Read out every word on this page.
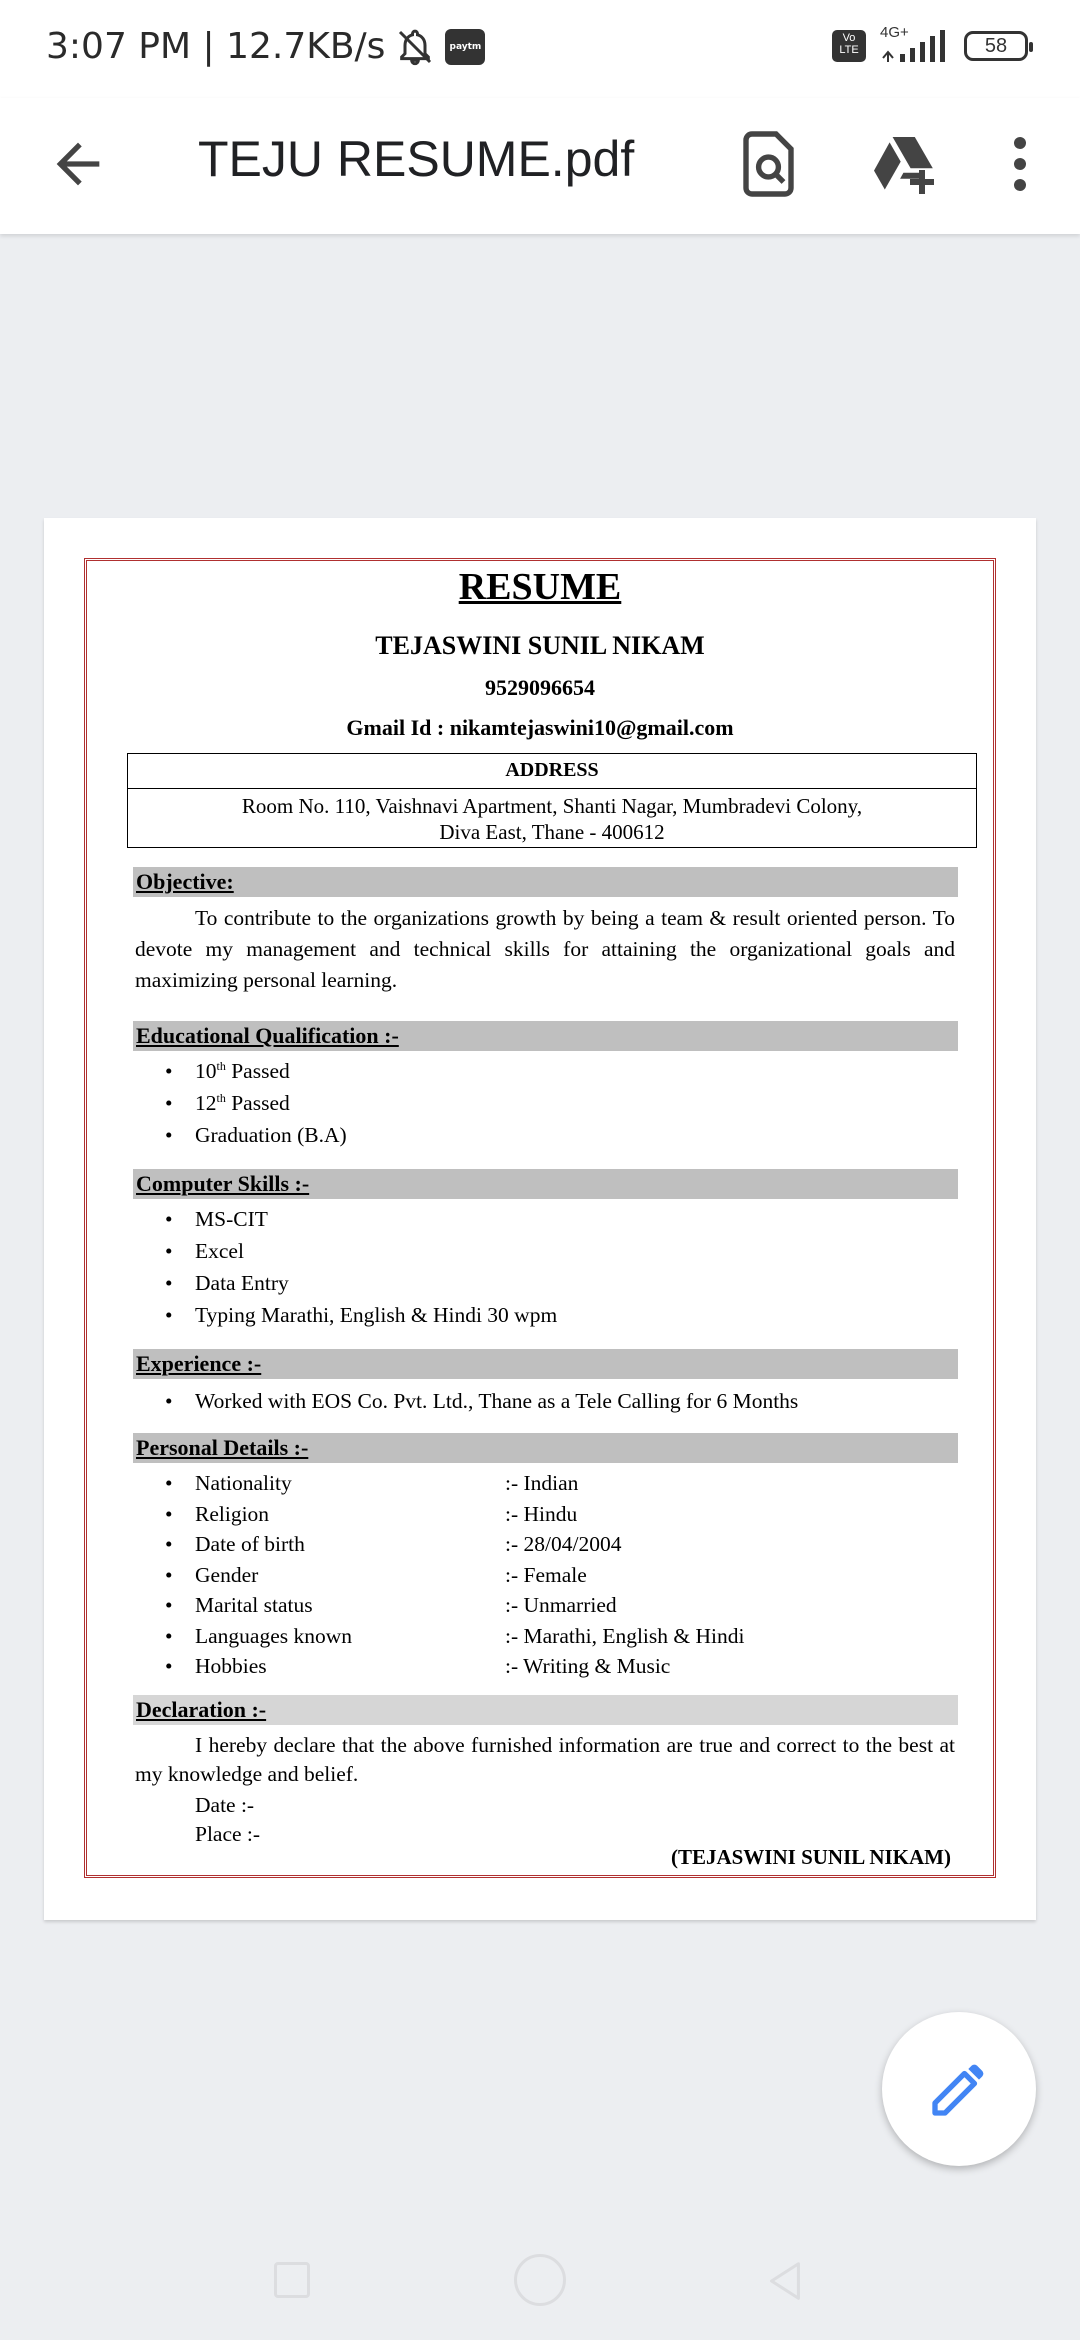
3:07 PM | 12.7KB/s	paytm
Vo LTE
4G+
58
TEJU RESUME.pdf
RESUME
TEJASWINI SUNIL NIKAM
9529096654
Gmail Id : nikamtejaswini10@gmail.com
ADDRESS
Room No. 110, Vaishnavi Apartment, Shanti Nagar, Mumbradevi Colony,
Diva East, Thane - 400612
Objective:
To contribute to the organizations growth by being a team & result oriented person. To devote my management and technical skills for attaining the organizational goals and maximizing personal learning.
Educational Qualification :-
• 10th Passed
• 12th Passed
• Graduation (B.A)
Computer Skills :-
• MS-CIT
• Excel
• Data Entry
• Typing Marathi, English & Hindi 30 wpm
Experience :-
• Worked with EOS Co. Pvt. Ltd., Thane as a Tele Calling for 6 Months
Personal Details :-
• Nationality	:- Indian
• Religion	:- Hindu
• Date of birth	:- 28/04/2004
• Gender	:- Female
• Marital status	:- Unmarried
• Languages known	:- Marathi, English & Hindi
• Hobbies	:- Writing & Music
Declaration :-
I hereby declare that the above furnished information are true and correct to the best at my knowledge and belief.
Date :-
Place :-
(TEJASWINI SUNIL NIKAM)
